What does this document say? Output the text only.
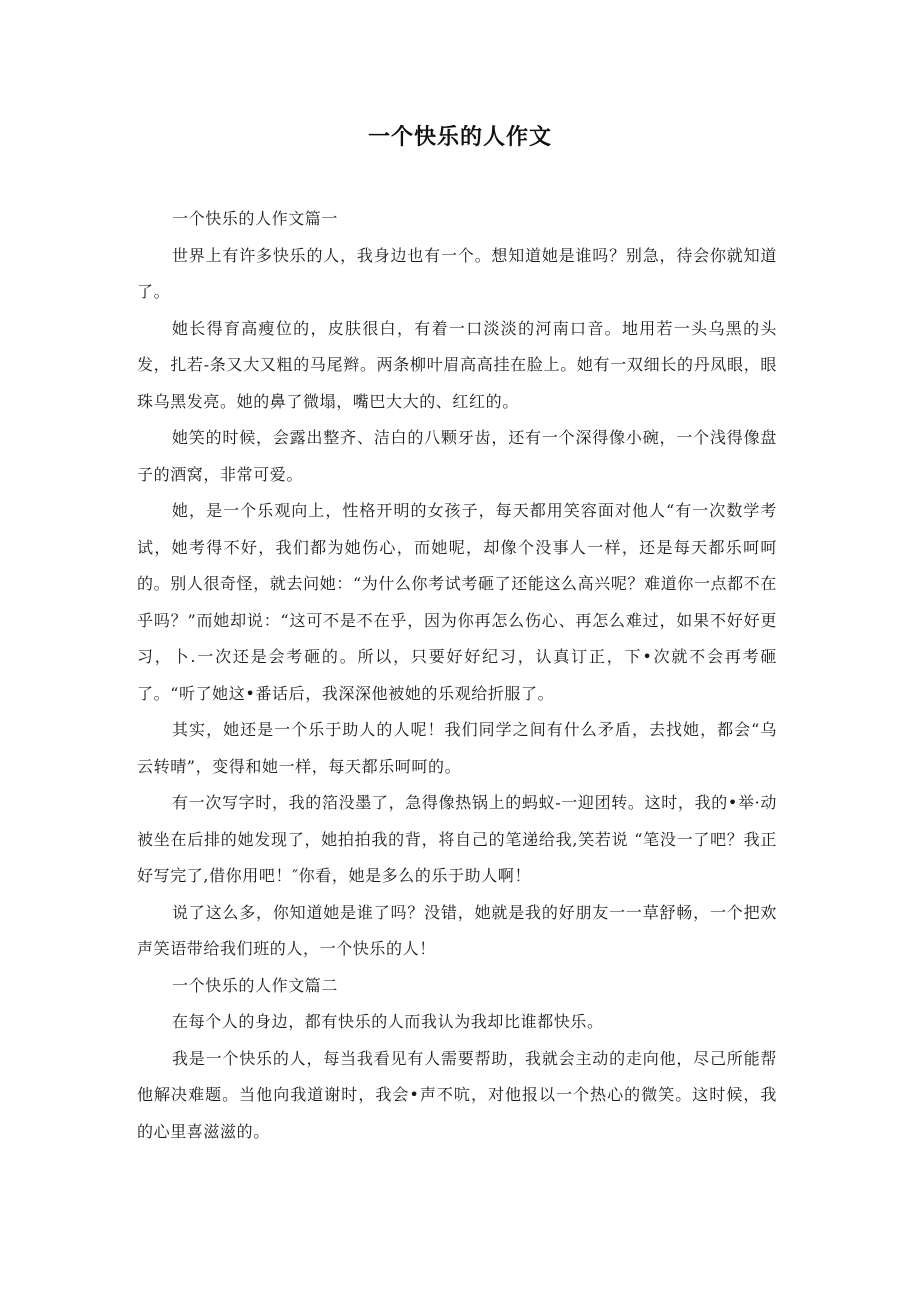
一个快乐的人作文

一个快乐的人作文篇一

世界上有许多快乐的人，我身边也有一个。想知道她是谁吗？别急，待会你就知道了。

她长得育高瘦位的，皮肤很白，有着一口淡淡的河南口音。地用若一头乌黑的头发，扎若-条又大又粗的马尾辫。两条柳叶眉高高挂在脸上。她有一双细长的丹凤眼，眼珠乌黑发亮。她的鼻了微塌，嘴巴大大的、红红的。

她笑的时候，会露出整齐、洁白的八颗牙齿，还有一个深得像小碗，一个浅得像盘子的酒窝，非常可爱。

她，是一个乐观向上，性格开明的女孩子，每天都用笑容面对他人“有一次数学考试，她考得不好，我们都为她伤心，而她呢，却像个没事人一样，还是每天都乐呵呵的。别人很奇怪，就去问她：“为什么你考试考砸了还能这么高兴呢？难道你一点都不在乎吗？”而她却说：“这可不是不在乎，因为你再怎么伤心、再怎么难过，如果不好好更习，卜.一次还是会考砸的。所以，只要好好纪习，认真订正，下•次就不会再考砸了。“听了她这•番话后，我深深他被她的乐观给折服了。

其实，她还是一个乐于助人的人呢！我们同学之间有什么矛盾，去找她，都会“乌云转晴”，变得和她一样，每天都乐呵呵的。

有一次写字时，我的箔没墨了，急得像热锅上的蚂蚁-一迎团转。这时，我的•举·动被坐在后排的她发现了，她拍拍我的背，将自己的笔递给我,笑若说 “笔没一了吧？我正好写完了,借你用吧！″你看，她是多么的乐于助人啊！

说了这么多，你知道她是谁了吗？没错，她就是我的好朋友一一草舒畅，一个把欢声笑语带给我们班的人，一个快乐的人！

一个快乐的人作文篇二

在每个人的身边，都有快乐的人而我认为我却比谁都快乐。

我是一个快乐的人，每当我看见有人需要帮助，我就会主动的走向他，尽己所能帮他解决难题。当他向我道谢时，我会•声不吭，对他报以一个热心的微笑。这时候，我的心里喜滋滋的。
